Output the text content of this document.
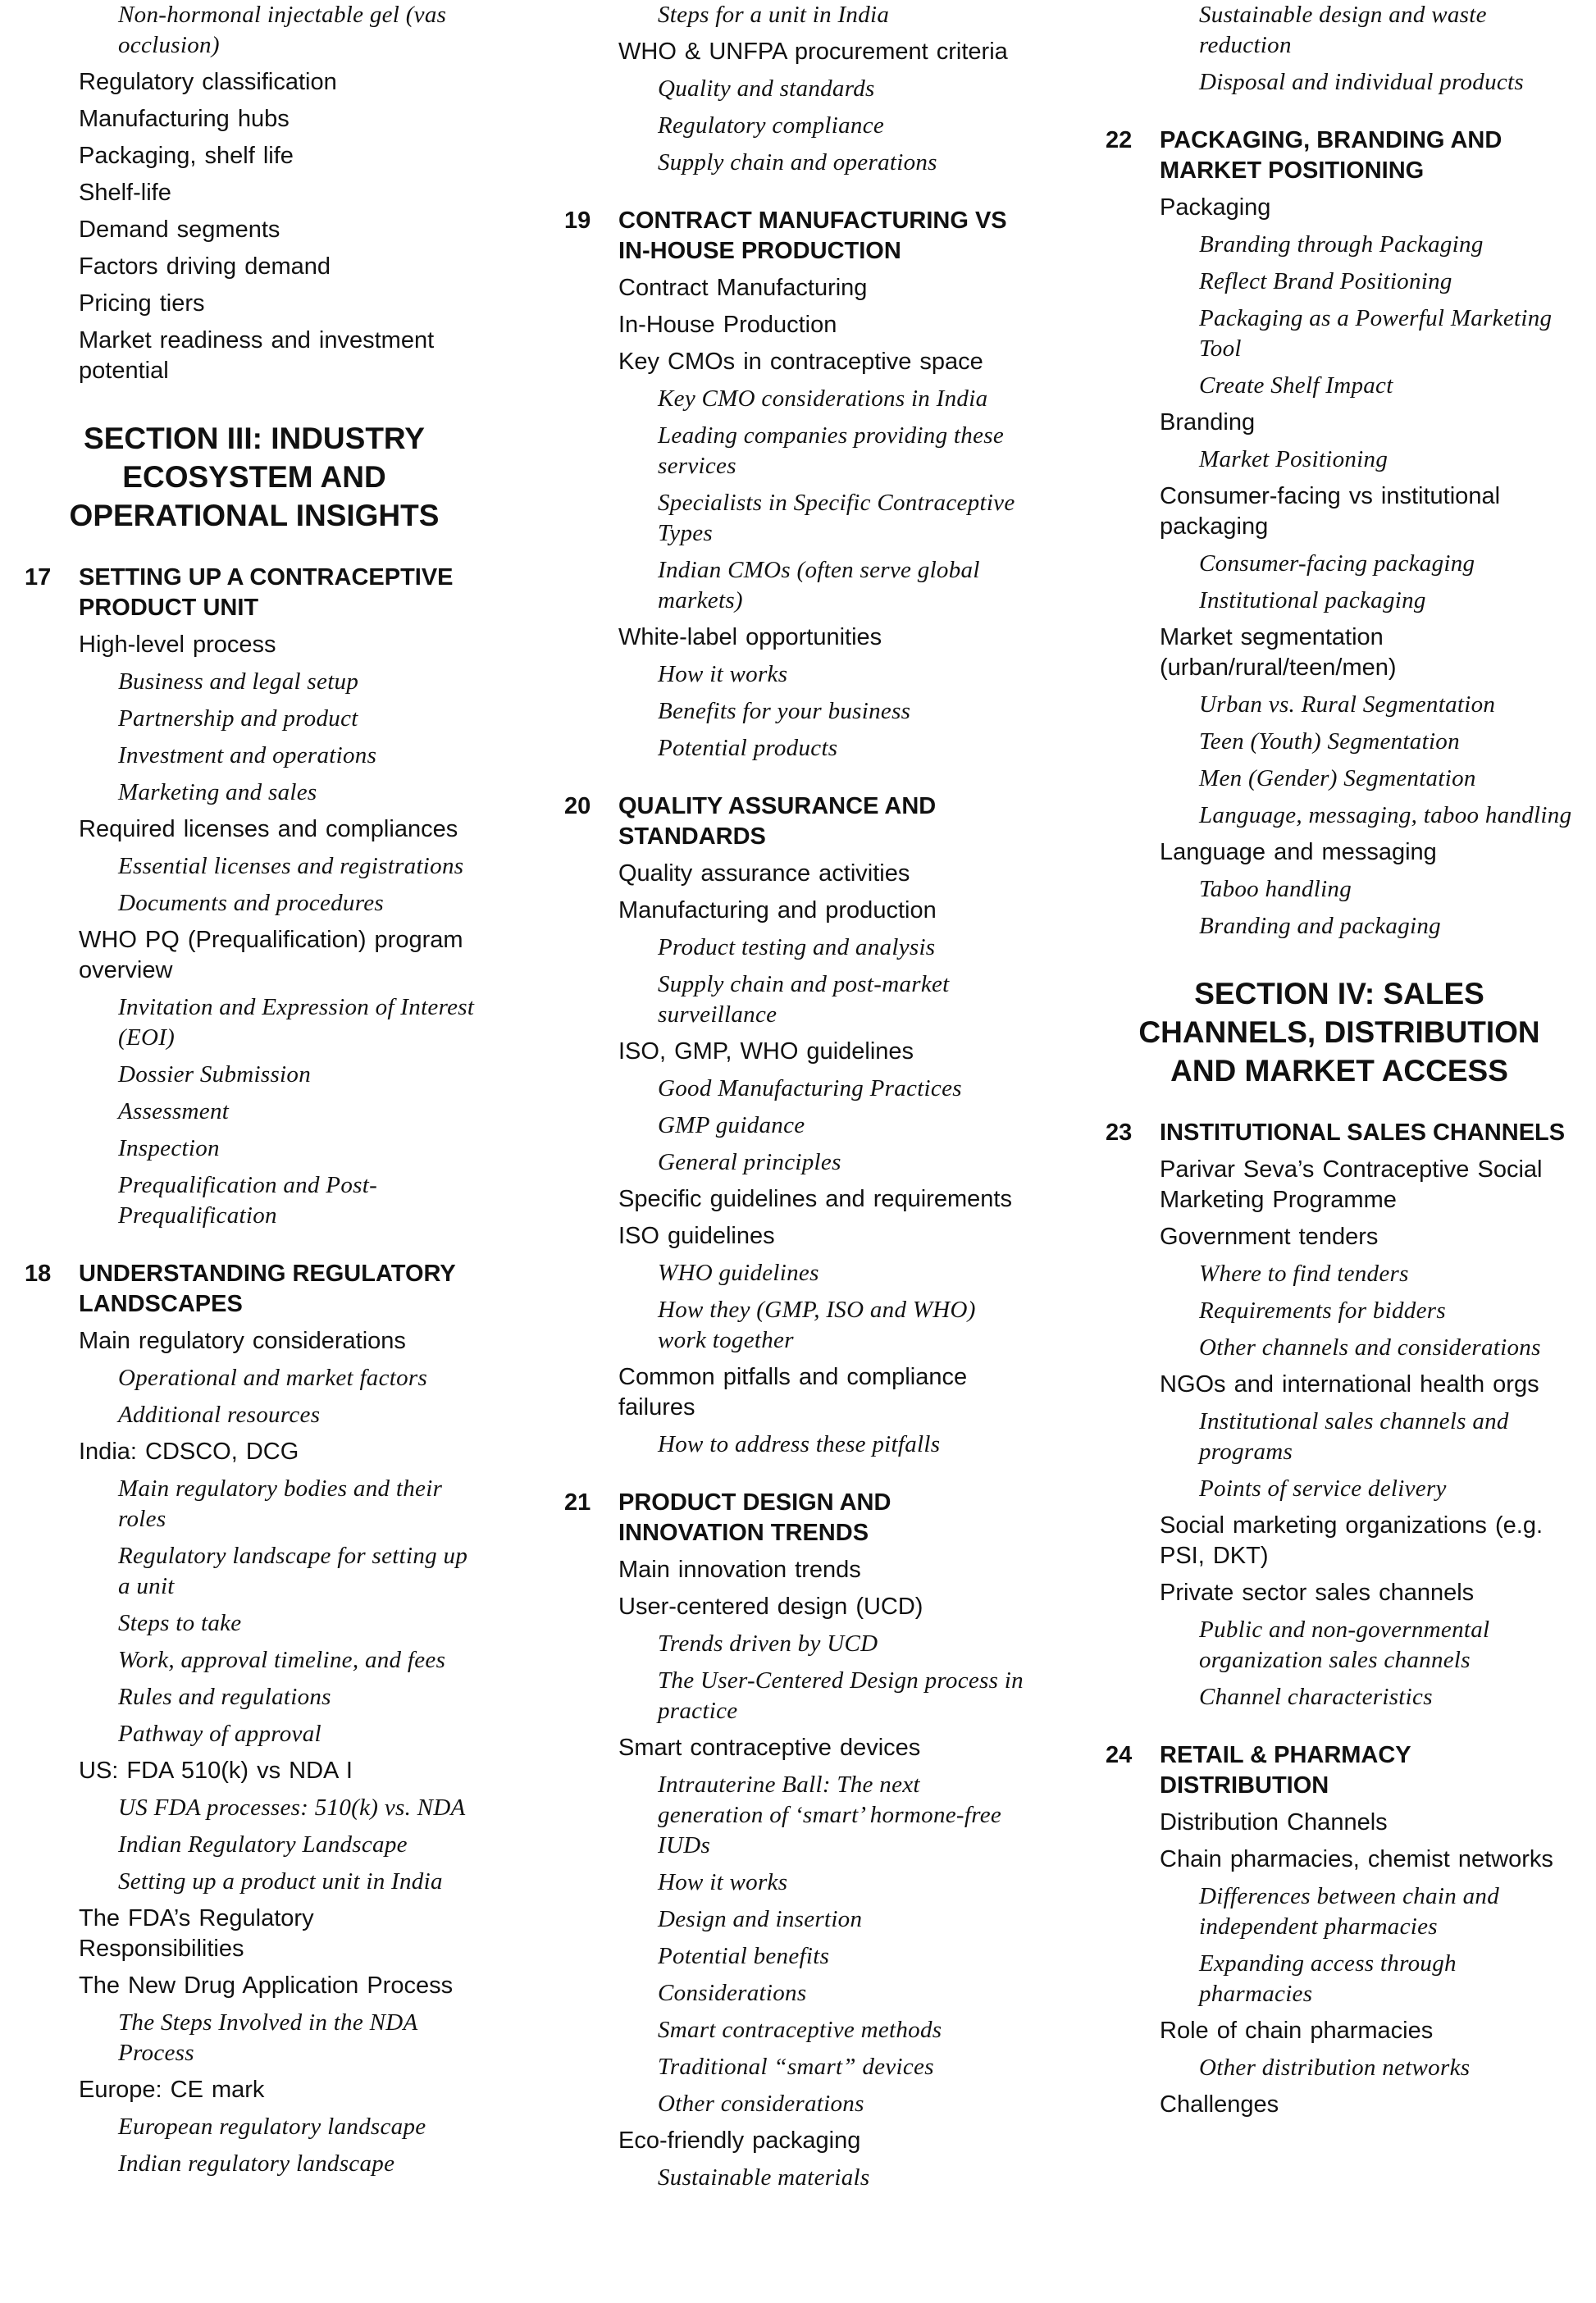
Non-hormonal injectable gel (vas occlusion)
Regulatory classification
Manufacturing hubs
Packaging, shelf life
Shelf-life
Demand segments
Factors driving demand
Pricing tiers
Market readiness and investment potential
SECTION III: INDUSTRY ECOSYSTEM AND OPERATIONAL INSIGHTS
17	SETTING UP A CONTRACEPTIVE PRODUCT UNIT
High-level process
Business and legal setup
Partnership and product
Investment and operations
Marketing and sales
Required licenses and compliances
Essential licenses and registrations
Documents and procedures
WHO PQ (Prequalification) program overview
Invitation and Expression of Interest (EOI)
Dossier Submission
Assessment
Inspection
Prequalification and Post-Prequalification
18	UNDERSTANDING REGULATORY LANDSCAPES
Main regulatory considerations
Operational and market factors
Additional resources
India: CDSCO, DCG
Main regulatory bodies and their roles
Regulatory landscape for setting up a unit
Steps to take
Work, approval timeline, and fees
Rules and regulations
Pathway of approval
US: FDA 510(k) vs NDA I
US FDA processes: 510(k) vs. NDA
Indian Regulatory Landscape
Setting up a product unit in India
The FDA’s Regulatory Responsibilities
The New Drug Application Process
The Steps Involved in the NDA Process
Europe: CE mark
European regulatory landscape
Indian regulatory landscape
Steps for a unit in India
WHO & UNFPA procurement criteria
Quality and standards
Regulatory compliance
Supply chain and operations
19	CONTRACT MANUFACTURING VS IN-HOUSE PRODUCTION
Contract Manufacturing
In-House Production
Key CMOs in contraceptive space
Key CMO considerations in India
Leading companies providing these services
Specialists in Specific Contraceptive Types
Indian CMOs (often serve global markets)
White-label opportunities
How it works
Benefits for your business
Potential products
20	QUALITY ASSURANCE AND STANDARDS
Quality assurance activities
Manufacturing and production
Product testing and analysis
Supply chain and post-market surveillance
ISO, GMP, WHO guidelines
Good Manufacturing Practices
GMP guidance
General principles
Specific guidelines and requirements
ISO guidelines
WHO guidelines
How they (GMP, ISO and WHO) work together
Common pitfalls and compliance failures
How to address these pitfalls
21	PRODUCT DESIGN AND INNOVATION TRENDS
Main innovation trends
User-centered design (UCD)
Trends driven by UCD
The User-Centered Design process in practice
Smart contraceptive devices
Intrauterine Ball: The next generation of ‘smart’ hormone-free IUDs
How it works
Design and insertion
Potential benefits
Considerations
Smart contraceptive methods
Traditional “smart” devices
Other considerations
Eco-friendly packaging
Sustainable materials
Sustainable design and waste reduction
Disposal and individual products
22	PACKAGING, BRANDING AND MARKET POSITIONING
Packaging
Branding through Packaging
Reflect Brand Positioning
Packaging as a Powerful Marketing Tool
Create Shelf Impact
Branding
Market Positioning
Consumer-facing vs institutional packaging
Consumer-facing packaging
Institutional packaging
Market segmentation (urban/rural/teen/men)
Urban vs. Rural Segmentation
Teen (Youth) Segmentation
Men (Gender) Segmentation
Language, messaging, taboo handling
Language and messaging
Taboo handling
Branding and packaging
SECTION IV: SALES CHANNELS, DISTRIBUTION AND MARKET ACCESS
23	INSTITUTIONAL SALES CHANNELS
Parivar Seva’s Contraceptive Social Marketing Programme
Government tenders
Where to find tenders
Requirements for bidders
Other channels and considerations
NGOs and international health orgs
Institutional sales channels and programs
Points of service delivery
Social marketing organizations (e.g. PSI, DKT)
Private sector sales channels
Public and non-governmental organization sales channels
Channel characteristics
24	RETAIL & PHARMACY DISTRIBUTION
Distribution Channels
Chain pharmacies, chemist networks
Differences between chain and independent pharmacies
Expanding access through pharmacies
Role of chain pharmacies
Other distribution networks
Challenges
